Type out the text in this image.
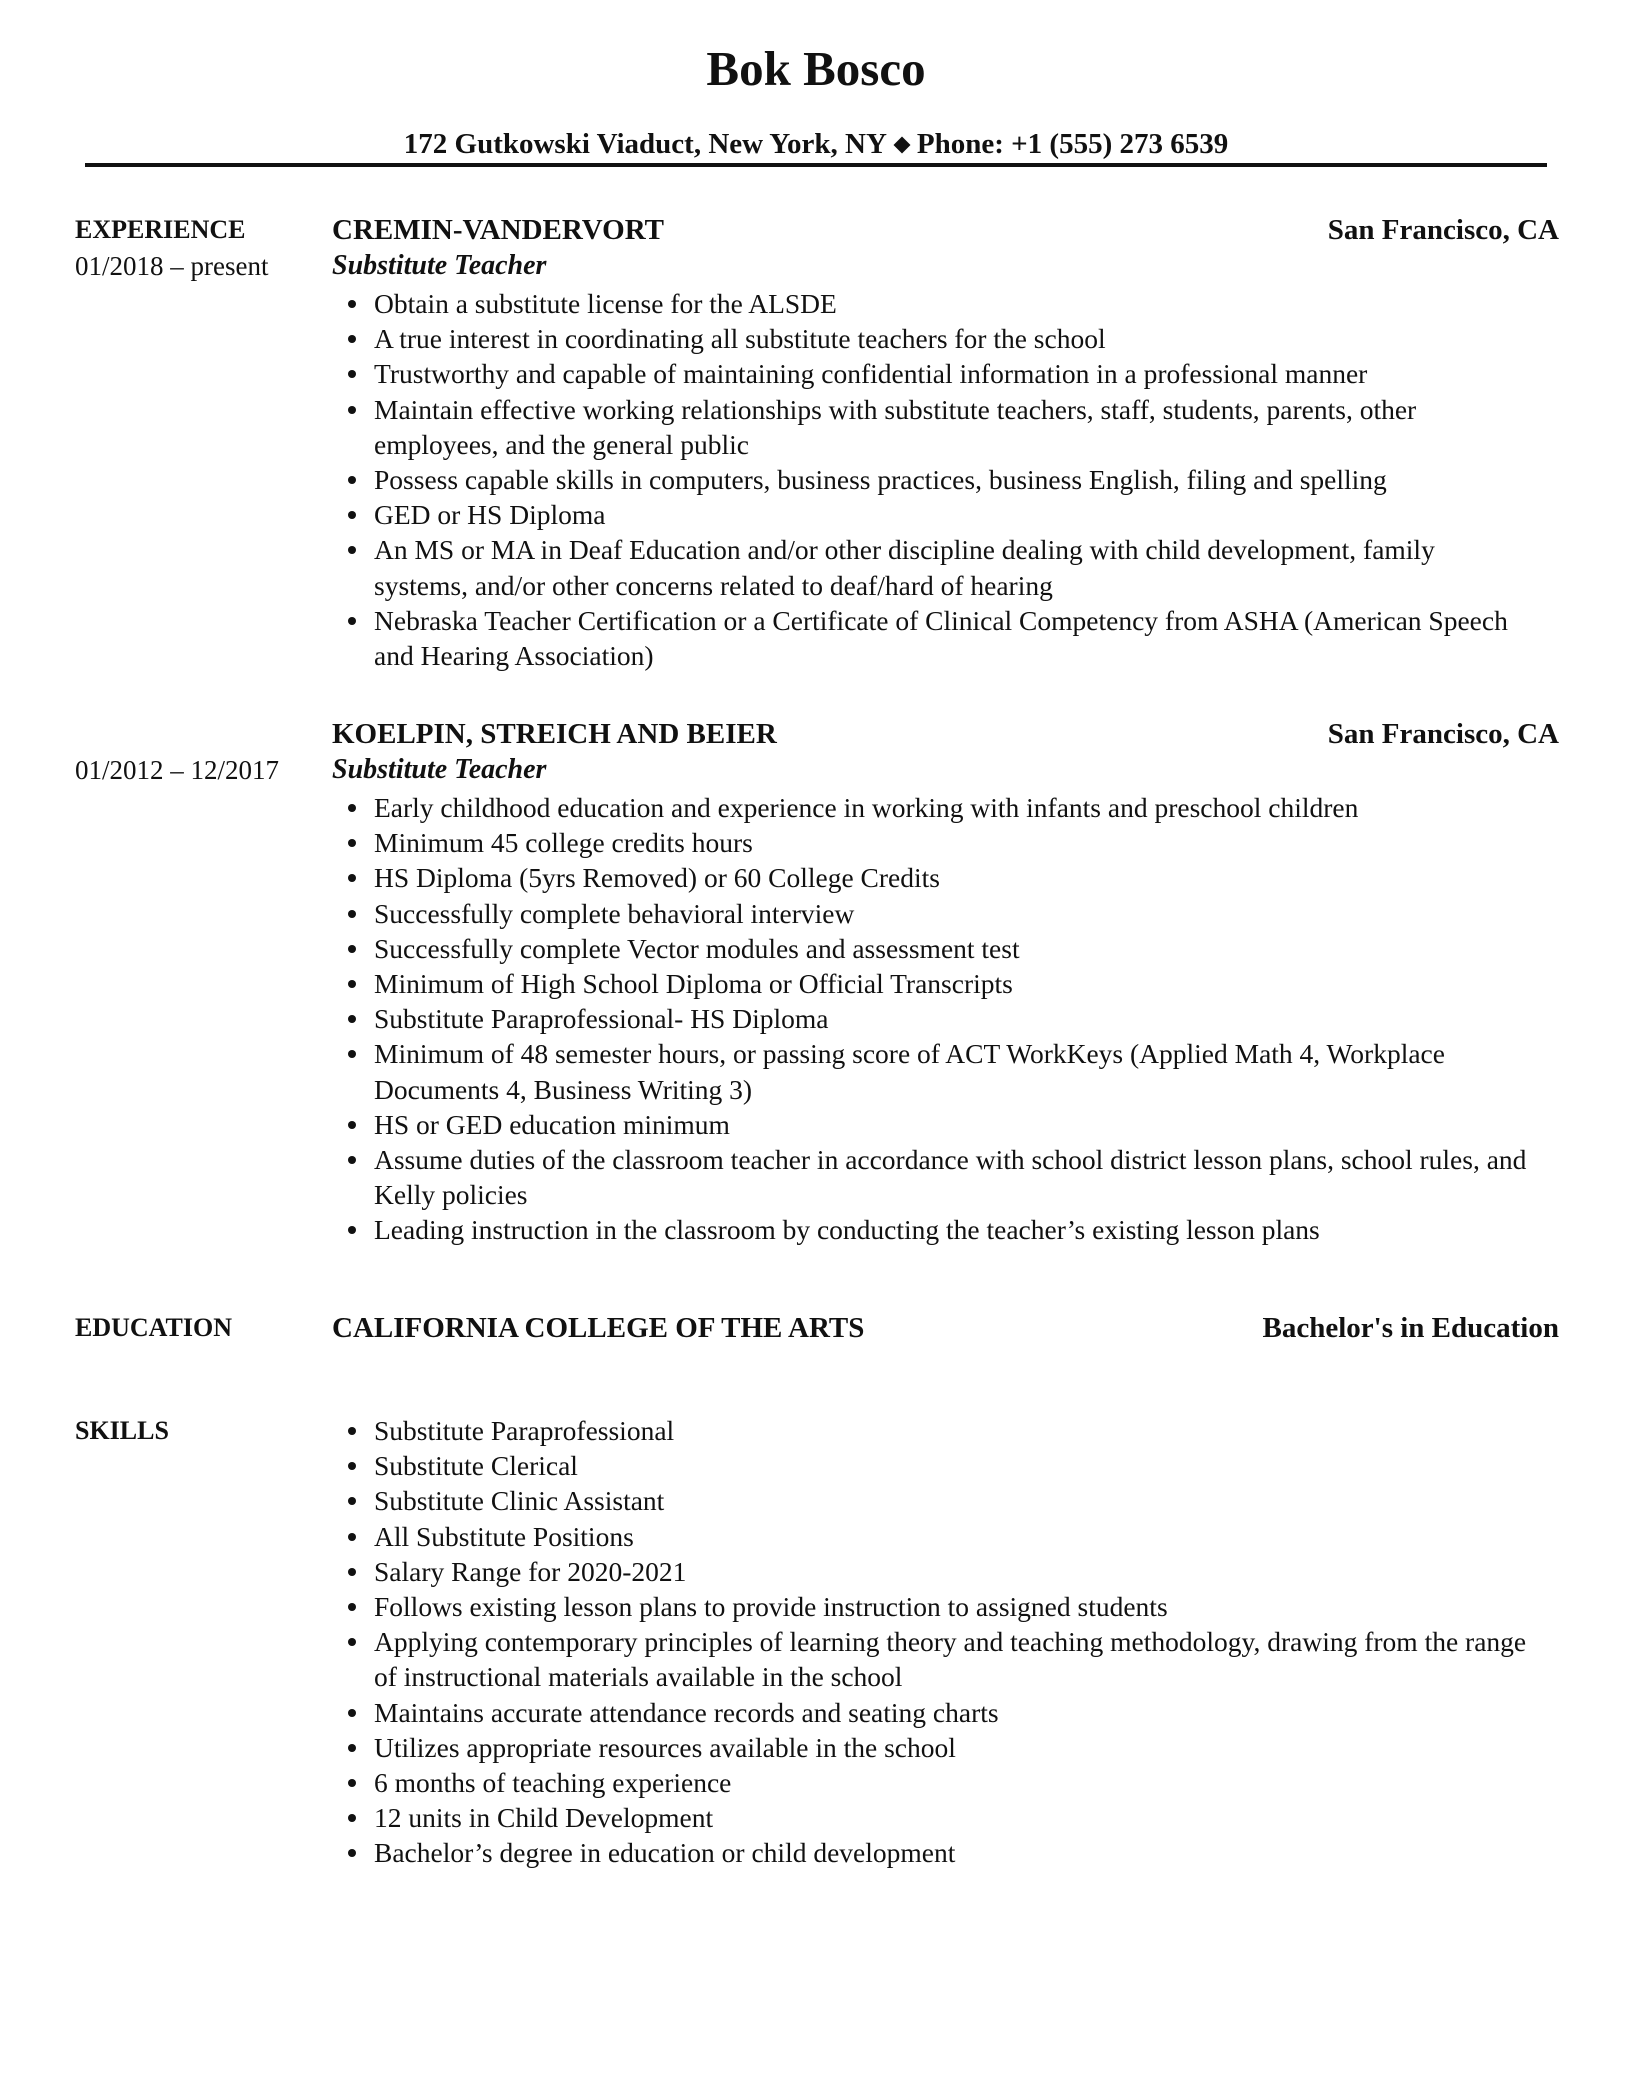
Bok Bosco
172 Gutkowski Viaduct, New York, NY Phone: +1 (555) 273 6539
EXPERIENCE	CREMIN-VANDERVORT	San Francisco, CA
01/2018 – present Substitute Teacher
Obtain a substitute license for the ALSDE
A true interest in coordinating all substitute teachers for the school
Trustworthy and capable of maintaining confidential information in a professional manner
Maintain effective working relationships with substitute teachers, staff, students, parents, other employees, and the general public
Possess capable skills in computers, business practices, business English, filing and spelling
GED or HS Diploma
An MS or MA in Deaf Education and/or other discipline dealing with child development, family systems, and/or other concerns related to deaf/hard of hearing
Nebraska Teacher Certification or a Certificate of Clinical Competency from ASHA (American Speech and Hearing Association)
KOELPIN, STREICH AND BEIER	San Francisco, CA
01/2012 – 12/2017 Substitute Teacher
Early childhood education and experience in working with infants and preschool children
Minimum 45 college credits hours
HS Diploma (5yrs Removed) or 60 College Credits
Successfully complete behavioral interview
Successfully complete Vector modules and assessment test
Minimum of High School Diploma or Official Transcripts
Substitute Paraprofessional- HS Diploma
Minimum of 48 semester hours, or passing score of ACT WorkKeys (Applied Math 4, Workplace Documents 4, Business Writing 3)
HS or GED education minimum
Assume duties of the classroom teacher in accordance with school district lesson plans, school rules, and Kelly policies
Leading instruction in the classroom by conducting the teacher’s existing lesson plans
EDUCATION	CALIFORNIA COLLEGE OF THE ARTS	Bachelor's in Education
SKILLS	Substitute Paraprofessional
Substitute Clerical
Substitute Clinic Assistant
All Substitute Positions
Salary Range for 2020-2021
Follows existing lesson plans to provide instruction to assigned students
Applying contemporary principles of learning theory and teaching methodology, drawing from the range of instructional materials available in the school
Maintains accurate attendance records and seating charts
Utilizes appropriate resources available in the school
6 months of teaching experience
12 units in Child Development
Bachelor’s degree in education or child development
